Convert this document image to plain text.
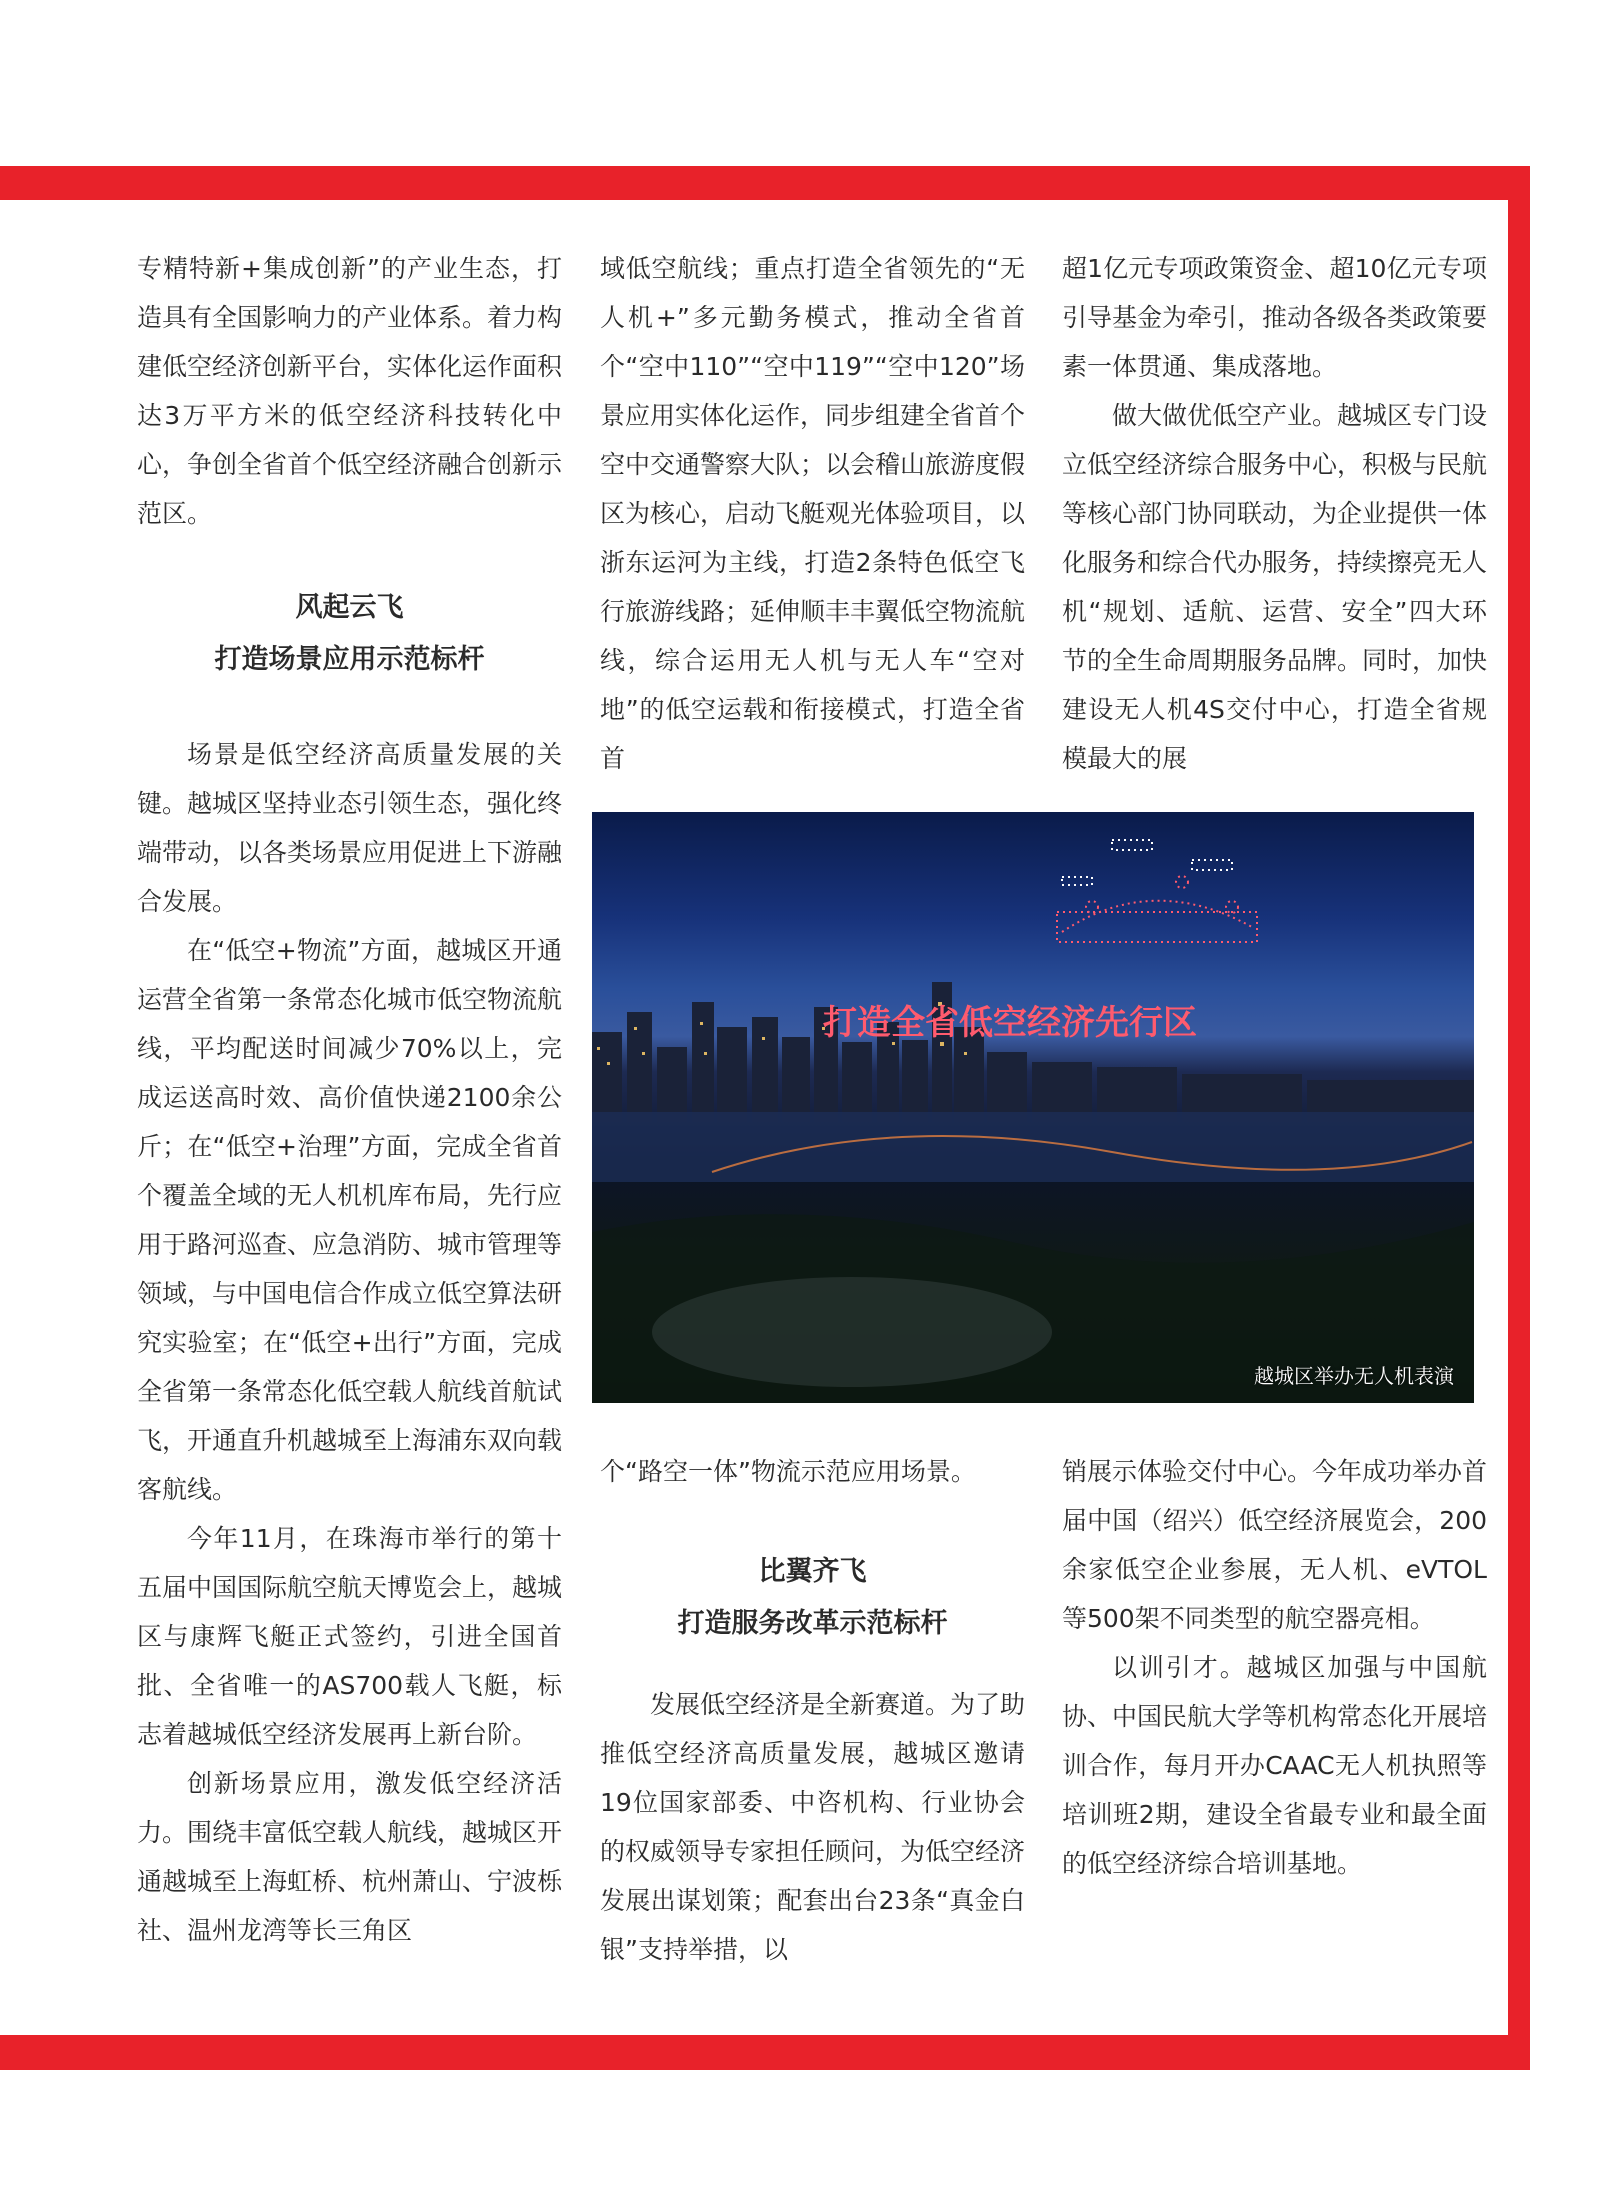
专精特新+集成创新”的产业生态，打造具有全国影响力的产业体系。着力构建低空经济创新平台，实体化运作面积达3万平方米的低空经济科技转化中心，争创全省首个低空经济融合创新示范区。

风起云飞

打造场景应用示范标杆

场景是低空经济高质量发展的关键。越城区坚持业态引领生态，强化终端带动，以各类场景应用促进上下游融合发展。

在“低空+物流”方面，越城区开通运营全省第一条常态化城市低空物流航线，平均配送时间减少70%以上，完成运送高时效、高价值快递2100余公斤；在“低空+治理”方面，完成全省首个覆盖全域的无人机机库布局，先行应用于路河巡查、应急消防、城市管理等领域，与中国电信合作成立低空算法研究实验室；在“低空+出行”方面，完成全省第一条常态化低空载人航线首航试飞，开通直升机越城至上海浦东双向载客航线。

今年11月，在珠海市举行的第十五届中国国际航空航天博览会上，越城区与康辉飞艇正式签约，引进全国首批、全省唯一的AS700载人飞艇，标志着越城低空经济发展再上新台阶。

创新场景应用，激发低空经济活力。围绕丰富低空载人航线，越城区开通越城至上海虹桥、杭州萧山、宁波栎社、温州龙湾等长三角区

域低空航线；重点打造全省领先的“无人机+”多元勤务模式，推动全省首个“空中110”“空中119”“空中120”场景应用实体化运作，同步组建全省首个空中交通警察大队；以会稽山旅游度假区为核心，启动飞艇观光体验项目，以浙东运河为主线，打造2条特色低空飞行旅游线路；延伸顺丰丰翼低空物流航线，综合运用无人机与无人车“空对地”的低空运载和衔接模式，打造全省首

超1亿元专项政策资金、超10亿元专项引导基金为牵引，推动各级各类政策要素一体贯通、集成落地。

做大做优低空产业。越城区专门设立低空经济综合服务中心，积极与民航等核心部门协同联动，为企业提供一体化服务和综合代办服务，持续擦亮无人机“规划、适航、运营、安全”四大环节的全生命周期服务品牌。同时，加快建设无人机4S交付中心，打造全省规模最大的展

打造全省低空经济先行区
越城区举办无人机表演

个“路空一体”物流示范应用场景。

比翼齐飞

打造服务改革示范标杆

发展低空经济是全新赛道。为了助推低空经济高质量发展，越城区邀请19位国家部委、中咨机构、行业协会的权威领导专家担任顾问，为低空经济发展出谋划策；配套出台23条“真金白银”支持举措，以

销展示体验交付中心。今年成功举办首届中国（绍兴）低空经济展览会，200余家低空企业参展，无人机、eVTOL等500架不同类型的航空器亮相。

以训引才。越城区加强与中国航协、中国民航大学等机构常态化开展培训合作，每月开办CAAC无人机执照等培训班2期，建设全省最专业和最全面的低空经济综合培训基地。
